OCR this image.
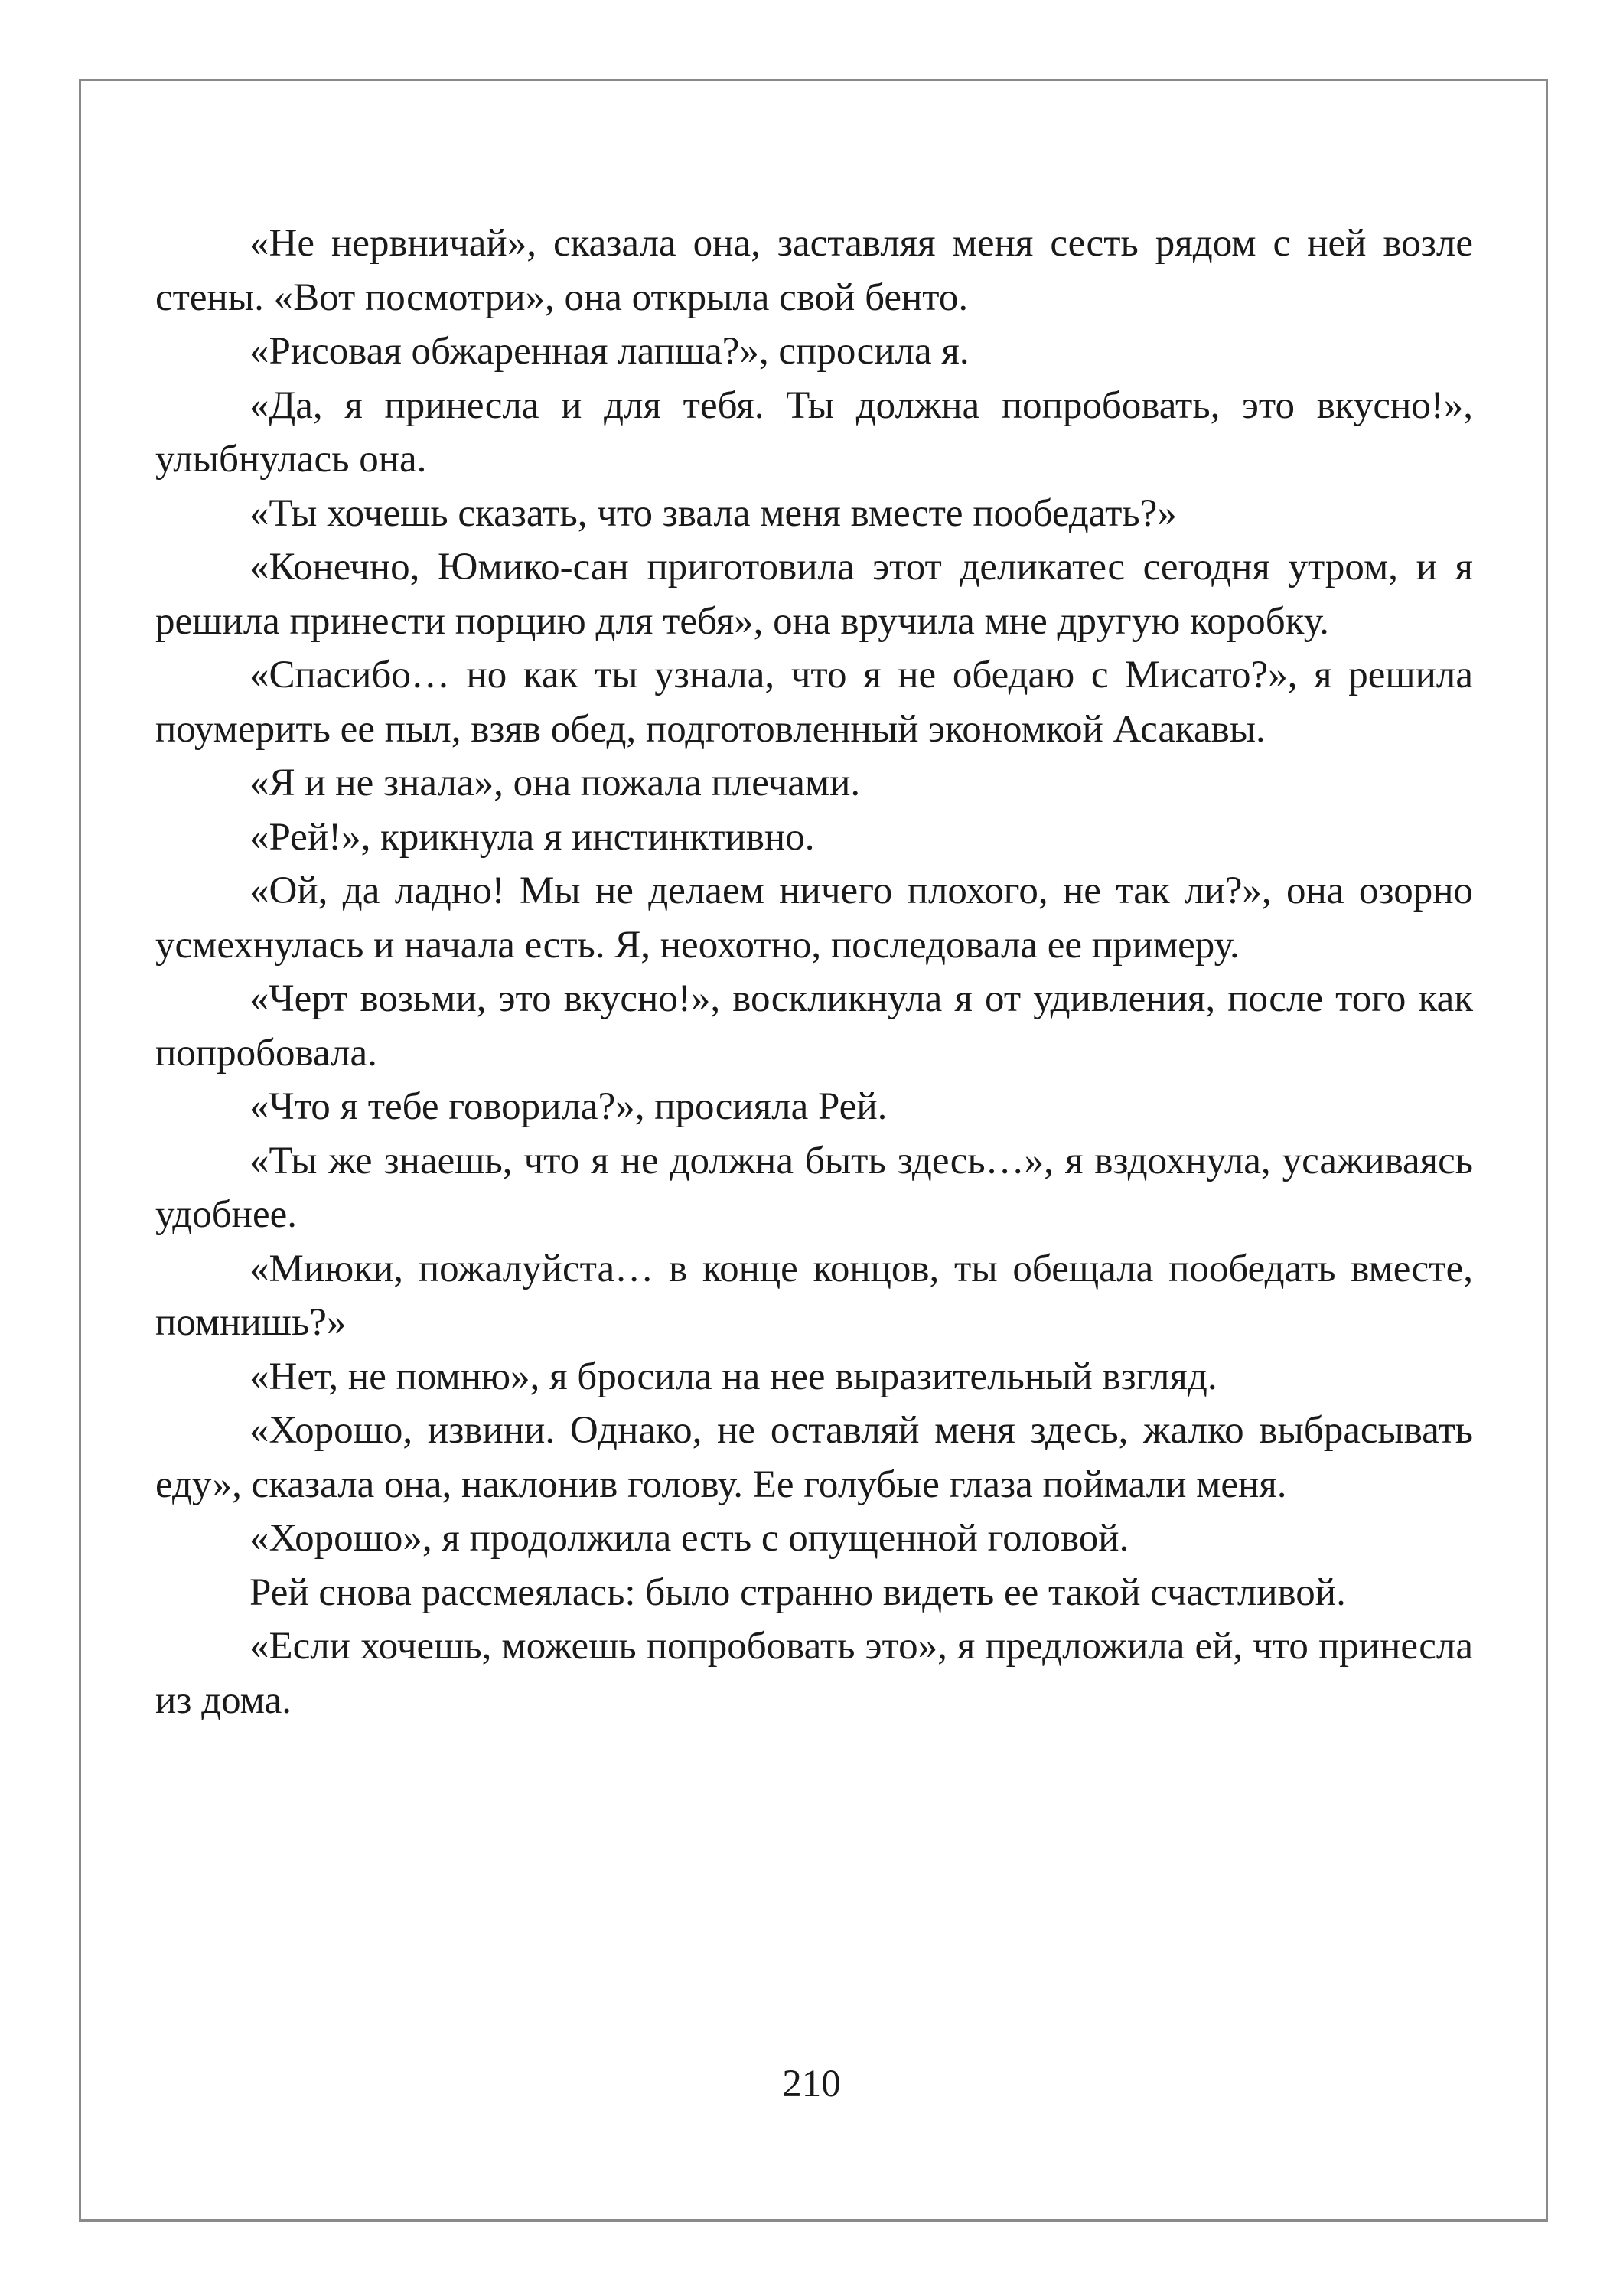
«Не нервничай», сказала она, заставляя меня сесть рядом с ней возле стены. «Вот посмотри», она открыла свой бенто.

«Рисовая обжаренная лапша?», спросила я.

«Да, я принесла и для тебя. Ты должна попробовать, это вкусно!», улыбнулась она.

«Ты хочешь сказать, что звала меня вместе пообедать?»

«Конечно, Юмико-сан приготовила этот деликатес сегодня утром, и я решила принести порцию для тебя», она вручила мне другую коробку.

«Спасибо… но как ты узнала, что я не обедаю с Мисато?», я решила поумерить ее пыл, взяв обед, подготовленный экономкой Асакавы.

«Я и не знала», она пожала плечами.

«Рей!», крикнула я инстинктивно.

«Ой, да ладно! Мы не делаем ничего плохого, не так ли?», она озорно усмехнулась и начала есть. Я, неохотно, последовала ее примеру.

«Черт возьми, это вкусно!», воскликнула я от удивления, после того как попробовала.

«Что я тебе говорила?», просияла Рей.

«Ты же знаешь, что я не должна быть здесь…», я вздохнула, усаживаясь удобнее.

«Миюки, пожалуйста… в конце концов, ты обещала пообедать вместе, помнишь?»

«Нет, не помню», я бросила на нее выразительный взгляд.

«Хорошо, извини. Однако, не оставляй меня здесь, жалко выбрасывать еду», сказала она, наклонив голову. Ее голубые глаза поймали меня.

«Хорошо», я продолжила есть с опущенной головой.

Рей снова рассмеялась: было странно видеть ее такой счастливой.

«Если хочешь, можешь попробовать это», я предложила ей, что принесла из дома.

210
